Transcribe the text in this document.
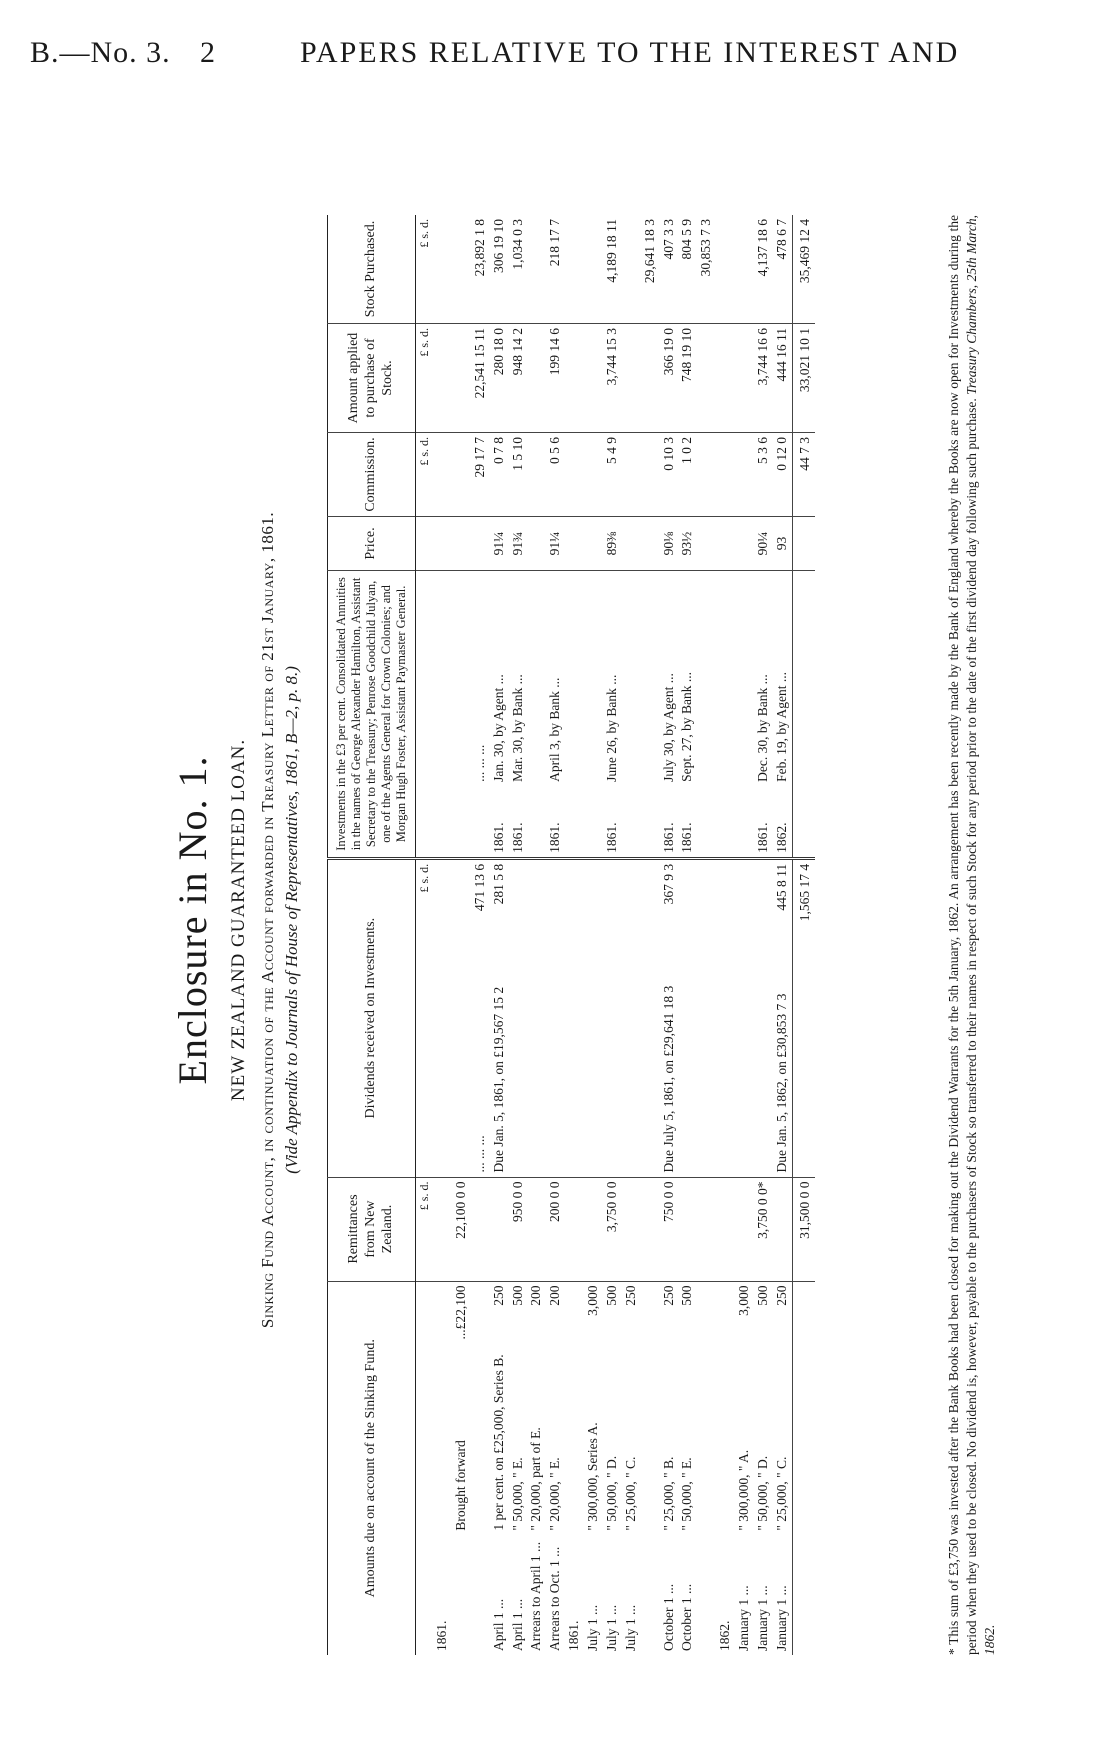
B.—No. 3. 2	PAPERS RELATIVE TO THE INTEREST AND
Enclosure in No. 1. NEW ZEALAND GUARANTEED LOAN. Sinking Fund Account, in continuation of the Account forwarded in Treasury Letter of 21st January, 1861. (Vide Appendix to Journals of House of Representatives, 1861, B—2, p. 8.)
Amounts due on account of the Sinking Fund.			Remittances from New Zealand.	Dividends received on Investments.		Investments in the £3 per cent. Consolidated Annuities in the names of George Alexander Hamilton, Assistant Secretary to the Treasury; Penrose Goodchild Julyan, one of the Agents General for Crown Colonies; and Morgan Hugh Foster, Assistant Paymaster General.		Price.	Commission.	Amount applied to purchase of Stock.	Stock Purchased.
			£ s. d.		£ s. d.				£ s. d.	£ s. d.	£ s. d.
1861.											
	Brought forward	...£22,100	22,100 0 0								
				... ... ...	471 13 6		... ... ...		29 17 7	22,541 15 11	23,892 1 8
April 1 ...	1 per cent. on £25,000, Series B.	250		Due Jan. 5, 1861, on £19,567 15 2	281 5 8	1861.	Jan. 30, by Agent ...	91¼	0 7 8	280 18 0	306 19 10
April 1 ...	" 50,000, " E.	500	950 0 0			1861.	Mar. 30, by Bank ...	91¾	1 5 10	948 14 2	1,034 0 3
Arrears to April 1 ...	" 20,000, part of E.	200									
Arrears to Oct. 1 ...	" 20,000, " E.	200	200 0 0			1861.	April 3, by Bank ...	91¼	0 5 6	199 14 6	218 17 7
1861.											
July 1 ...	" 300,000, Series A.	3,000									
July 1 ...	" 50,000, " D.	500	3,750 0 0			1861.	June 26, by Bank ...	89⅜	5 4 9	3,744 15 3	4,189 18 11
July 1 ...	" 25,000, " C.	250									
											29,641 18 3
October 1 ...	" 25,000, " B.	250	750 0 0	Due July 5, 1861, on £29,641 18 3	367 9 3	1861.	July 30, by Agent ...	90⅛	0 10 3	366 19 0	407 3 3
October 1 ...	" 50,000, " E.	500				1861.	Sept. 27, by Bank ...	93½	1 0 2	748 19 10	804 5 9
											30,853 7 3
1862.											
January 1 ...	" 300,000, " A.	3,000									
January 1 ...	" 50,000, " D.	500	3,750 0 0*			1861.	Dec. 30, by Bank ...	90¼	5 3 6	3,744 16 6	4,137 18 6
January 1 ...	" 25,000, " C.	250		Due Jan. 5, 1862, on £30,853 7 3	445 8 11	1862.	Feb. 19, by Agent ...	93	0 12 0	444 16 11	478 6 7
			31,500 0 0		1,565 17 4				44 7 3	33,021 10 1	35,469 12 4	* This sum of £3,750 was invested after the Bank Books had been closed for making out the Dividend Warrants for the 5th January, 1862. An arrangement has been recently made by the Bank of England whereby the Books are now open for Investments during the period when they used to be closed. No dividend is, however, payable to the purchasers of Stock so transferred to their names in respect of such Stock for any period prior to the date of the first dividend day following such purchase. Treasury Chambers, 25th March, 1862.
